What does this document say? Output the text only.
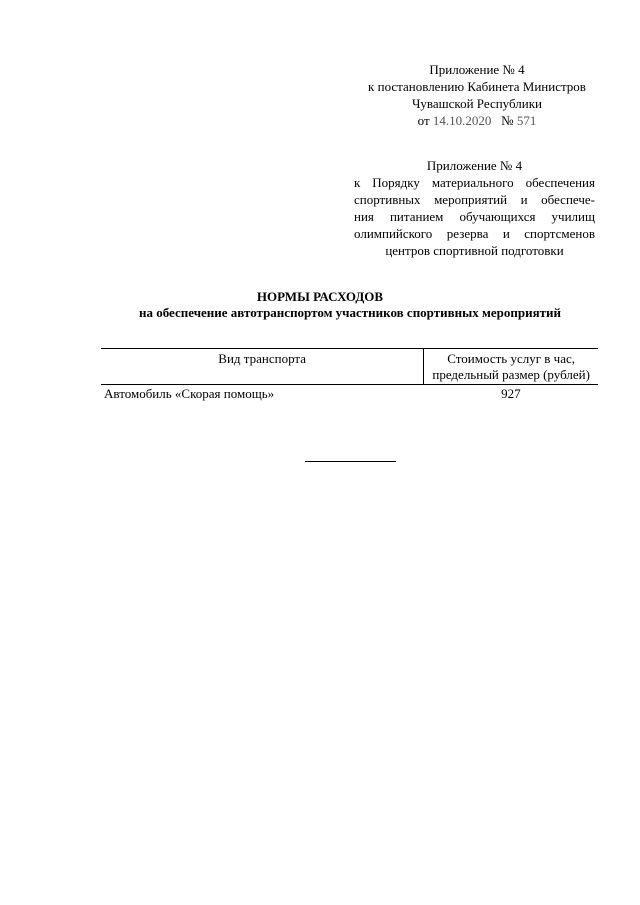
Приложение № 4
к постановлению Кабинета Министров
Чувашской Республики
от 14.10.2020 № 571
Приложение № 4
к Порядку материального обеспечения
спортивных мероприятий и обеспече-
ния питанием обучающихся училищ
олимпийского резерва и спортсменов
центров спортивной подготовки
НОРМЫ РАСХОДОВ
на обеспечение автотранспортом участников спортивных мероприятий
Вид транспорта	Стоимость услуг в час, предельный размер (рублей)
Автомобиль «Скорая помощь»	927
